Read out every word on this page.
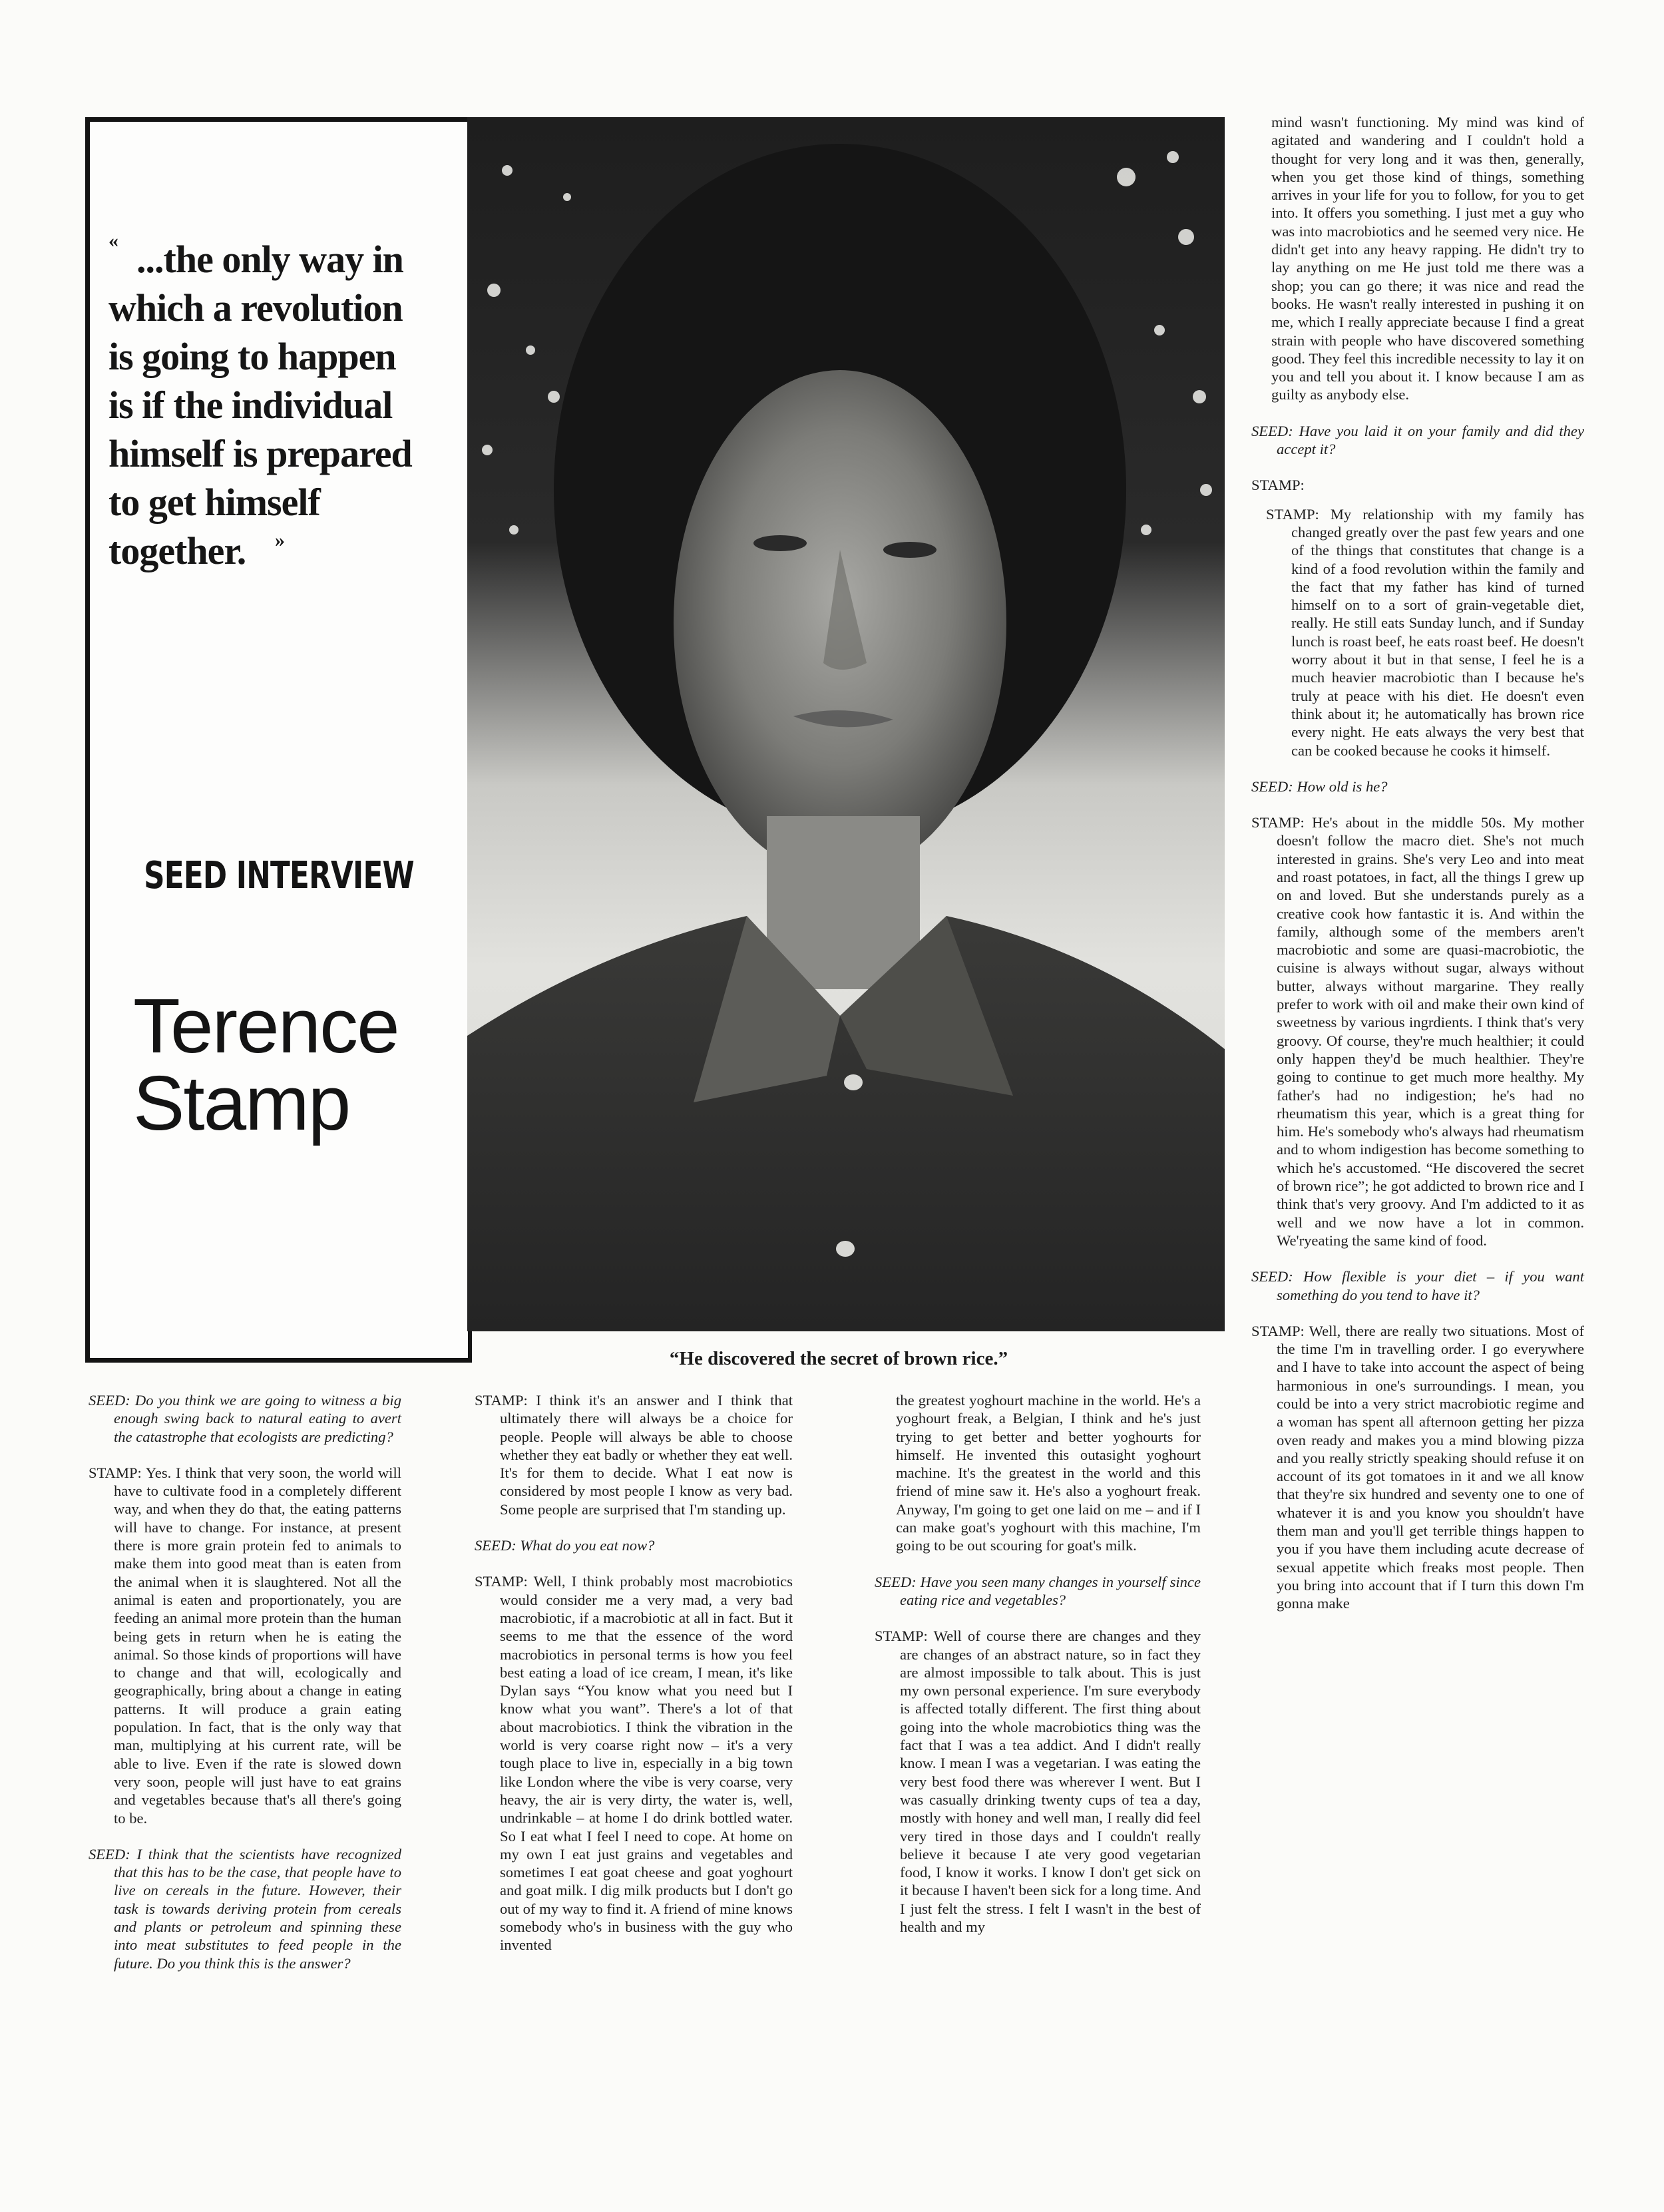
« ...the only way in

which a revolution

is going to happen

is if the individual

himself is prepared

to get himself

together.	»
SEED INTERVIEW
Terence
Stamp
“He discovered the secret of brown rice.”

SEED: Do you think we are going to witness a big enough swing back to natural eating to avert the catastrophe that ecologists are predicting?

STAMP: Yes. I think that very soon, the world will have to cultivate food in a completely different way, and when they do that, the eating patterns will have to change. For instance, at present there is more grain protein fed to animals to make them into good meat than is eaten from the animal when it is slaughtered. Not all the animal is eaten and proportionately, you are feeding an animal more protein than the human being gets in return when he is eating the animal. So those kinds of proportions will have to change and that will, ecologically and geographically, bring about a change in eating patterns. It will produce a grain eating population. In fact, that is the only way that man, multiplying at his current rate, will be able to live. Even if the rate is slowed down very soon, people will just have to eat grains and vegetables because that's all there's going to be.

SEED: I think that the scientists have recognized that this has to be the case, that people have to live on cereals in the future. However, their task is towards deriving protein from cereals and plants or petroleum and spinning these into meat substitutes to feed people in the future. Do you think this is the answer?

STAMP: I think it's an answer and I think that ultimately there will always be a choice for people. People will always be able to choose whether they eat badly or whether they eat well. It's for them to decide. What I eat now is considered by most people I know as very bad. Some people are surprised that I'm standing up.

SEED: What do you eat now?

STAMP: Well, I think probably most macrobiotics would consider me a very mad, a very bad macrobiotic, if a macrobiotic at all in fact. But it seems to me that the essence of the word macrobiotics in personal terms is how you feel best eating a load of ice cream, I mean, it's like Dylan says “You know what you need but I know what you want”. There's a lot of that about macrobiotics. I think the vibration in the world is very coarse right now – it's a very tough place to live in, especially in a big town like London where the vibe is very coarse, very heavy, the air is very dirty, the water is, well, undrinkable – at home I do drink bottled water. So I eat what I feel I need to cope. At home on my own I eat just grains and vegetables and sometimes I eat goat cheese and goat yoghourt and goat milk. I dig milk products but I don't go out of my way to find it. A friend of mine knows somebody who's in business with the guy who invented

the greatest yoghourt machine in the world. He's a yoghourt freak, a Belgian, I think and he's just trying to get better and better yoghourts for himself. He invented this outasight yoghourt machine. It's the greatest in the world and this friend of mine saw it. He's also a yoghourt freak. Anyway, I'm going to get one laid on me – and if I can make goat's yoghourt with this machine, I'm going to be out scouring for goat's milk.

SEED: Have you seen many changes in yourself since eating rice and vegetables?

STAMP: Well of course there are changes and they are changes of an abstract nature, so in fact they are almost impossible to talk about. This is just my own personal experience. I'm sure everybody is affected totally different. The first thing about going into the whole macrobiotics thing was the fact that I was a tea addict. And I didn't really know. I mean I was a vegetarian. I was eating the very best food there was wherever I went. But I was casually drinking twenty cups of tea a day, mostly with honey and well man, I really did feel very tired in those days and I couldn't really believe it because I ate very good vegetarian food, I know it works. I know I don't get sick on it because I haven't been sick for a long time. And I just felt the stress. I felt I wasn't in the best of health and my

mind wasn't functioning. My mind was kind of agitated and wandering and I couldn't hold a thought for very long and it was then, generally, when you get those kind of things, something arrives in your life for you to follow, for you to get into. It offers you something. I just met a guy who was into macrobiotics and he seemed very nice. He didn't get into any heavy rapping. He didn't try to lay anything on me He just told me there was a shop; you can go there; it was nice and read the books. He wasn't really interested in pushing it on me, which I really appreciate because I find a great strain with people who have discovered something good. They feel this incredible necessity to lay it on you and tell you about it. I know because I am as guilty as anybody else.

SEED: Have you laid it on your family and did they accept it?

STAMP:

STAMP: My relationship with my family has changed greatly over the past few years and one of the things that constitutes that change is a kind of a food revolution within the family and the fact that my father has kind of turned himself on to a sort of grain-vegetable diet, really. He still eats Sunday lunch, and if Sunday lunch is roast beef, he eats roast beef. He doesn't worry about it but in that sense, I feel he is a much heavier macrobiotic than I because he's truly at peace with his diet. He doesn't even think about it; he automatically has brown rice every night. He eats always the very best that can be cooked because he cooks it himself.

SEED: How old is he?

STAMP: He's about in the middle 50s. My mother doesn't follow the macro diet. She's not much interested in grains. She's very Leo and into meat and roast potatoes, in fact, all the things I grew up on and loved. But she understands purely as a creative cook how fantastic it is. And within the family, although some of the members aren't macrobiotic and some are quasi-macrobiotic, the cuisine is always without sugar, always without butter, always without margarine. They really prefer to work with oil and make their own kind of sweetness by various ingrdients. I think that's very groovy. Of course, they're much healthier; it could only happen they'd be much healthier. They're going to continue to get much more healthy. My father's had no indigestion; he's had no rheumatism this year, which is a great thing for him. He's somebody who's always had rheumatism and to whom indigestion has become something to which he's accustomed. “He discovered the secret of brown rice”; he got addicted to brown rice and I think that's very groovy. And I'm addicted to it as well and we now have a lot in common. We'ryeating the same kind of food.

SEED: How flexible is your diet – if you want something do you tend to have it?

STAMP: Well, there are really two situations. Most of the time I'm in travelling order. I go everywhere and I have to take into account the aspect of being harmonious in one's surroundings. I mean, you could be into a very strict macrobiotic regime and a woman has spent all afternoon getting her pizza oven ready and makes you a mind blowing pizza and you really strictly speaking should refuse it on account of its got tomatoes in it and we all know that they're six hundred and seventy one to one of whatever it is and you know you shouldn't have them man and you'll get terrible things happen to you if you have them including acute decrease of sexual appetite which freaks most people. Then you bring into account that if I turn this down I'm gonna make
